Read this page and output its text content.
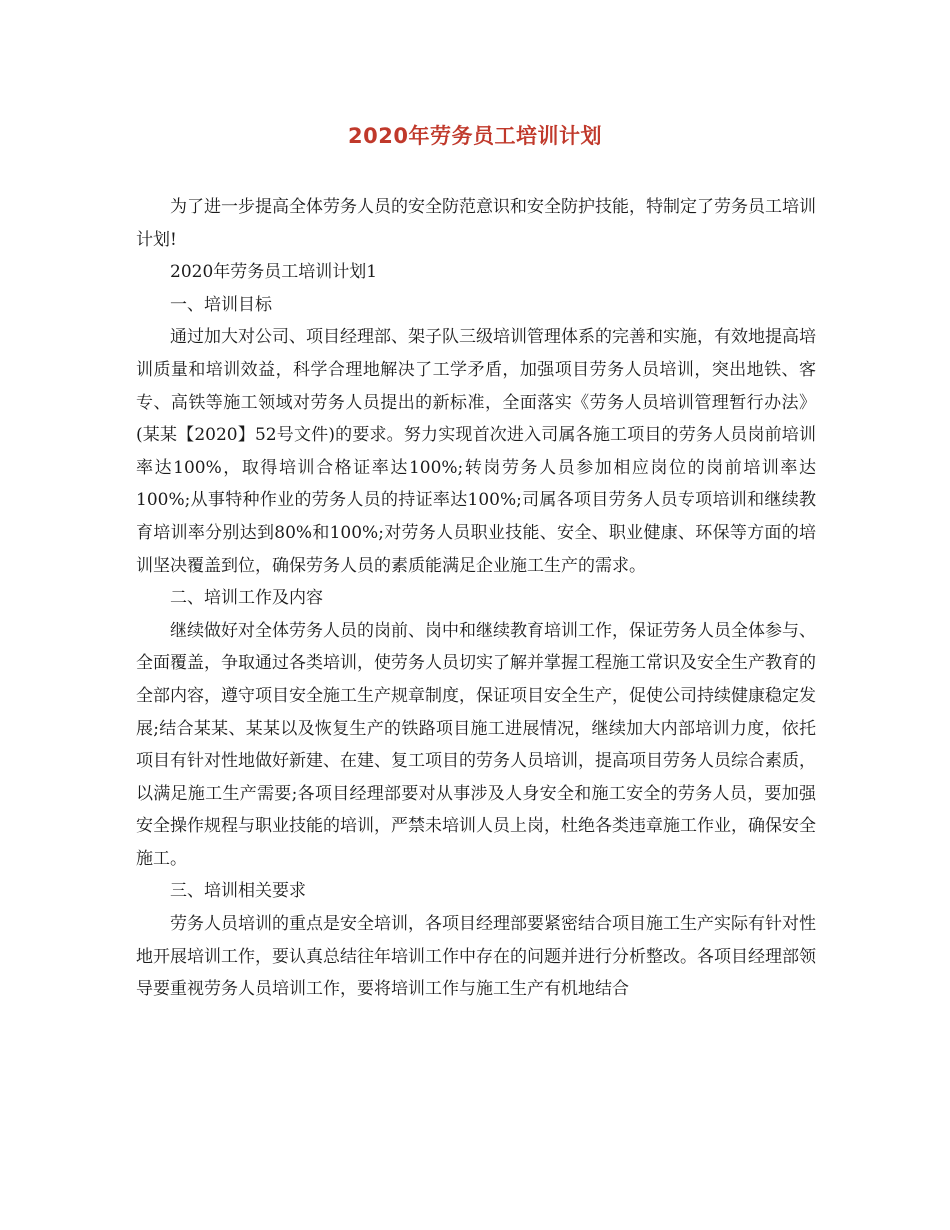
2020年劳务员工培训计划

为了进一步提高全体劳务人员的安全防范意识和安全防护技能，特制定了劳务员工培训计划!

2020年劳务员工培训计划1

一、培训目标

通过加大对公司、项目经理部、架子队三级培训管理体系的完善和实施，有效地提高培训质量和培训效益，科学合理地解决了工学矛盾，加强项目劳务人员培训，突出地铁、客专、高铁等施工领域对劳务人员提出的新标准，全面落实《劳务人员培训管理暂行办法》(某某【2020】52号文件)的要求。努力实现首次进入司属各施工项目的劳务人员岗前培训率达100%，取得培训合格证率达100%;转岗劳务人员参加相应岗位的岗前培训率达100%;从事特种作业的劳务人员的持证率达100%;司属各项目劳务人员专项培训和继续教育培训率分别达到80%和100%;对劳务人员职业技能、安全、职业健康、环保等方面的培训坚决覆盖到位，确保劳务人员的素质能满足企业施工生产的需求。

二、培训工作及内容

继续做好对全体劳务人员的岗前、岗中和继续教育培训工作，保证劳务人员全体参与、全面覆盖，争取通过各类培训，使劳务人员切实了解并掌握工程施工常识及安全生产教育的全部内容，遵守项目安全施工生产规章制度，保证项目安全生产，促使公司持续健康稳定发展;结合某某、某某以及恢复生产的铁路项目施工进展情况，继续加大内部培训力度，依托项目有针对性地做好新建、在建、复工项目的劳务人员培训，提高项目劳务人员综合素质，以满足施工生产需要;各项目经理部要对从事涉及人身安全和施工安全的劳务人员，要加强安全操作规程与职业技能的培训，严禁未培训人员上岗，杜绝各类违章施工作业，确保安全施工。

三、培训相关要求

劳务人员培训的重点是安全培训，各项目经理部要紧密结合项目施工生产实际有针对性地开展培训工作，要认真总结往年培训工作中存在的问题并进行分析整改。各项目经理部领导要重视劳务人员培训工作，要将培训工作与施工生产有机地结合
